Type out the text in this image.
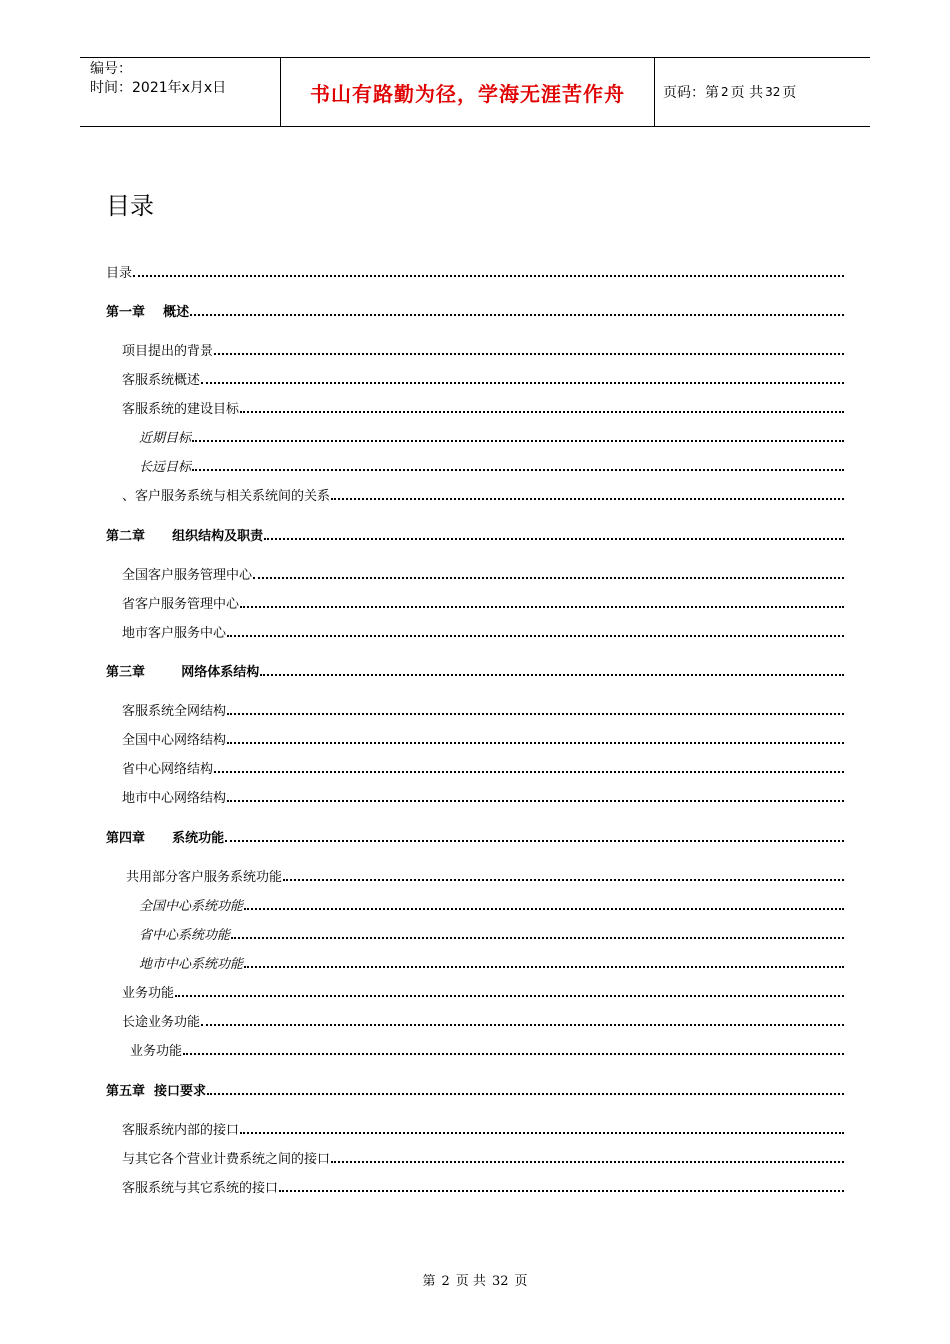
编号：
时间：2021年x月x日	书山有路勤为径，学海无涯苦作舟	页码：第 2 页 共 32 页
目录
目录
第一章    概述
项目提出的背景
客服系统概述
客服系统的建设目标
近期目标
长远目标
、客户服务系统与相关系统间的关系
第二章      组织结构及职责
全国客户服务管理中心
省客户服务管理中心
地市客户服务中心
第三章        网络体系结构
客服系统全网结构
全国中心网络结构
省中心网络结构
地市中心网络结构
第四章      系统功能
共用部分客户服务系统功能
全国中心系统功能
省中心系统功能
地市中心系统功能
业务功能
长途业务功能
业务功能
第五章  接口要求
客服系统内部的接口
与其它各个营业计费系统之间的接口
客服系统与其它系统的接口
第 2 页 共 32 页
